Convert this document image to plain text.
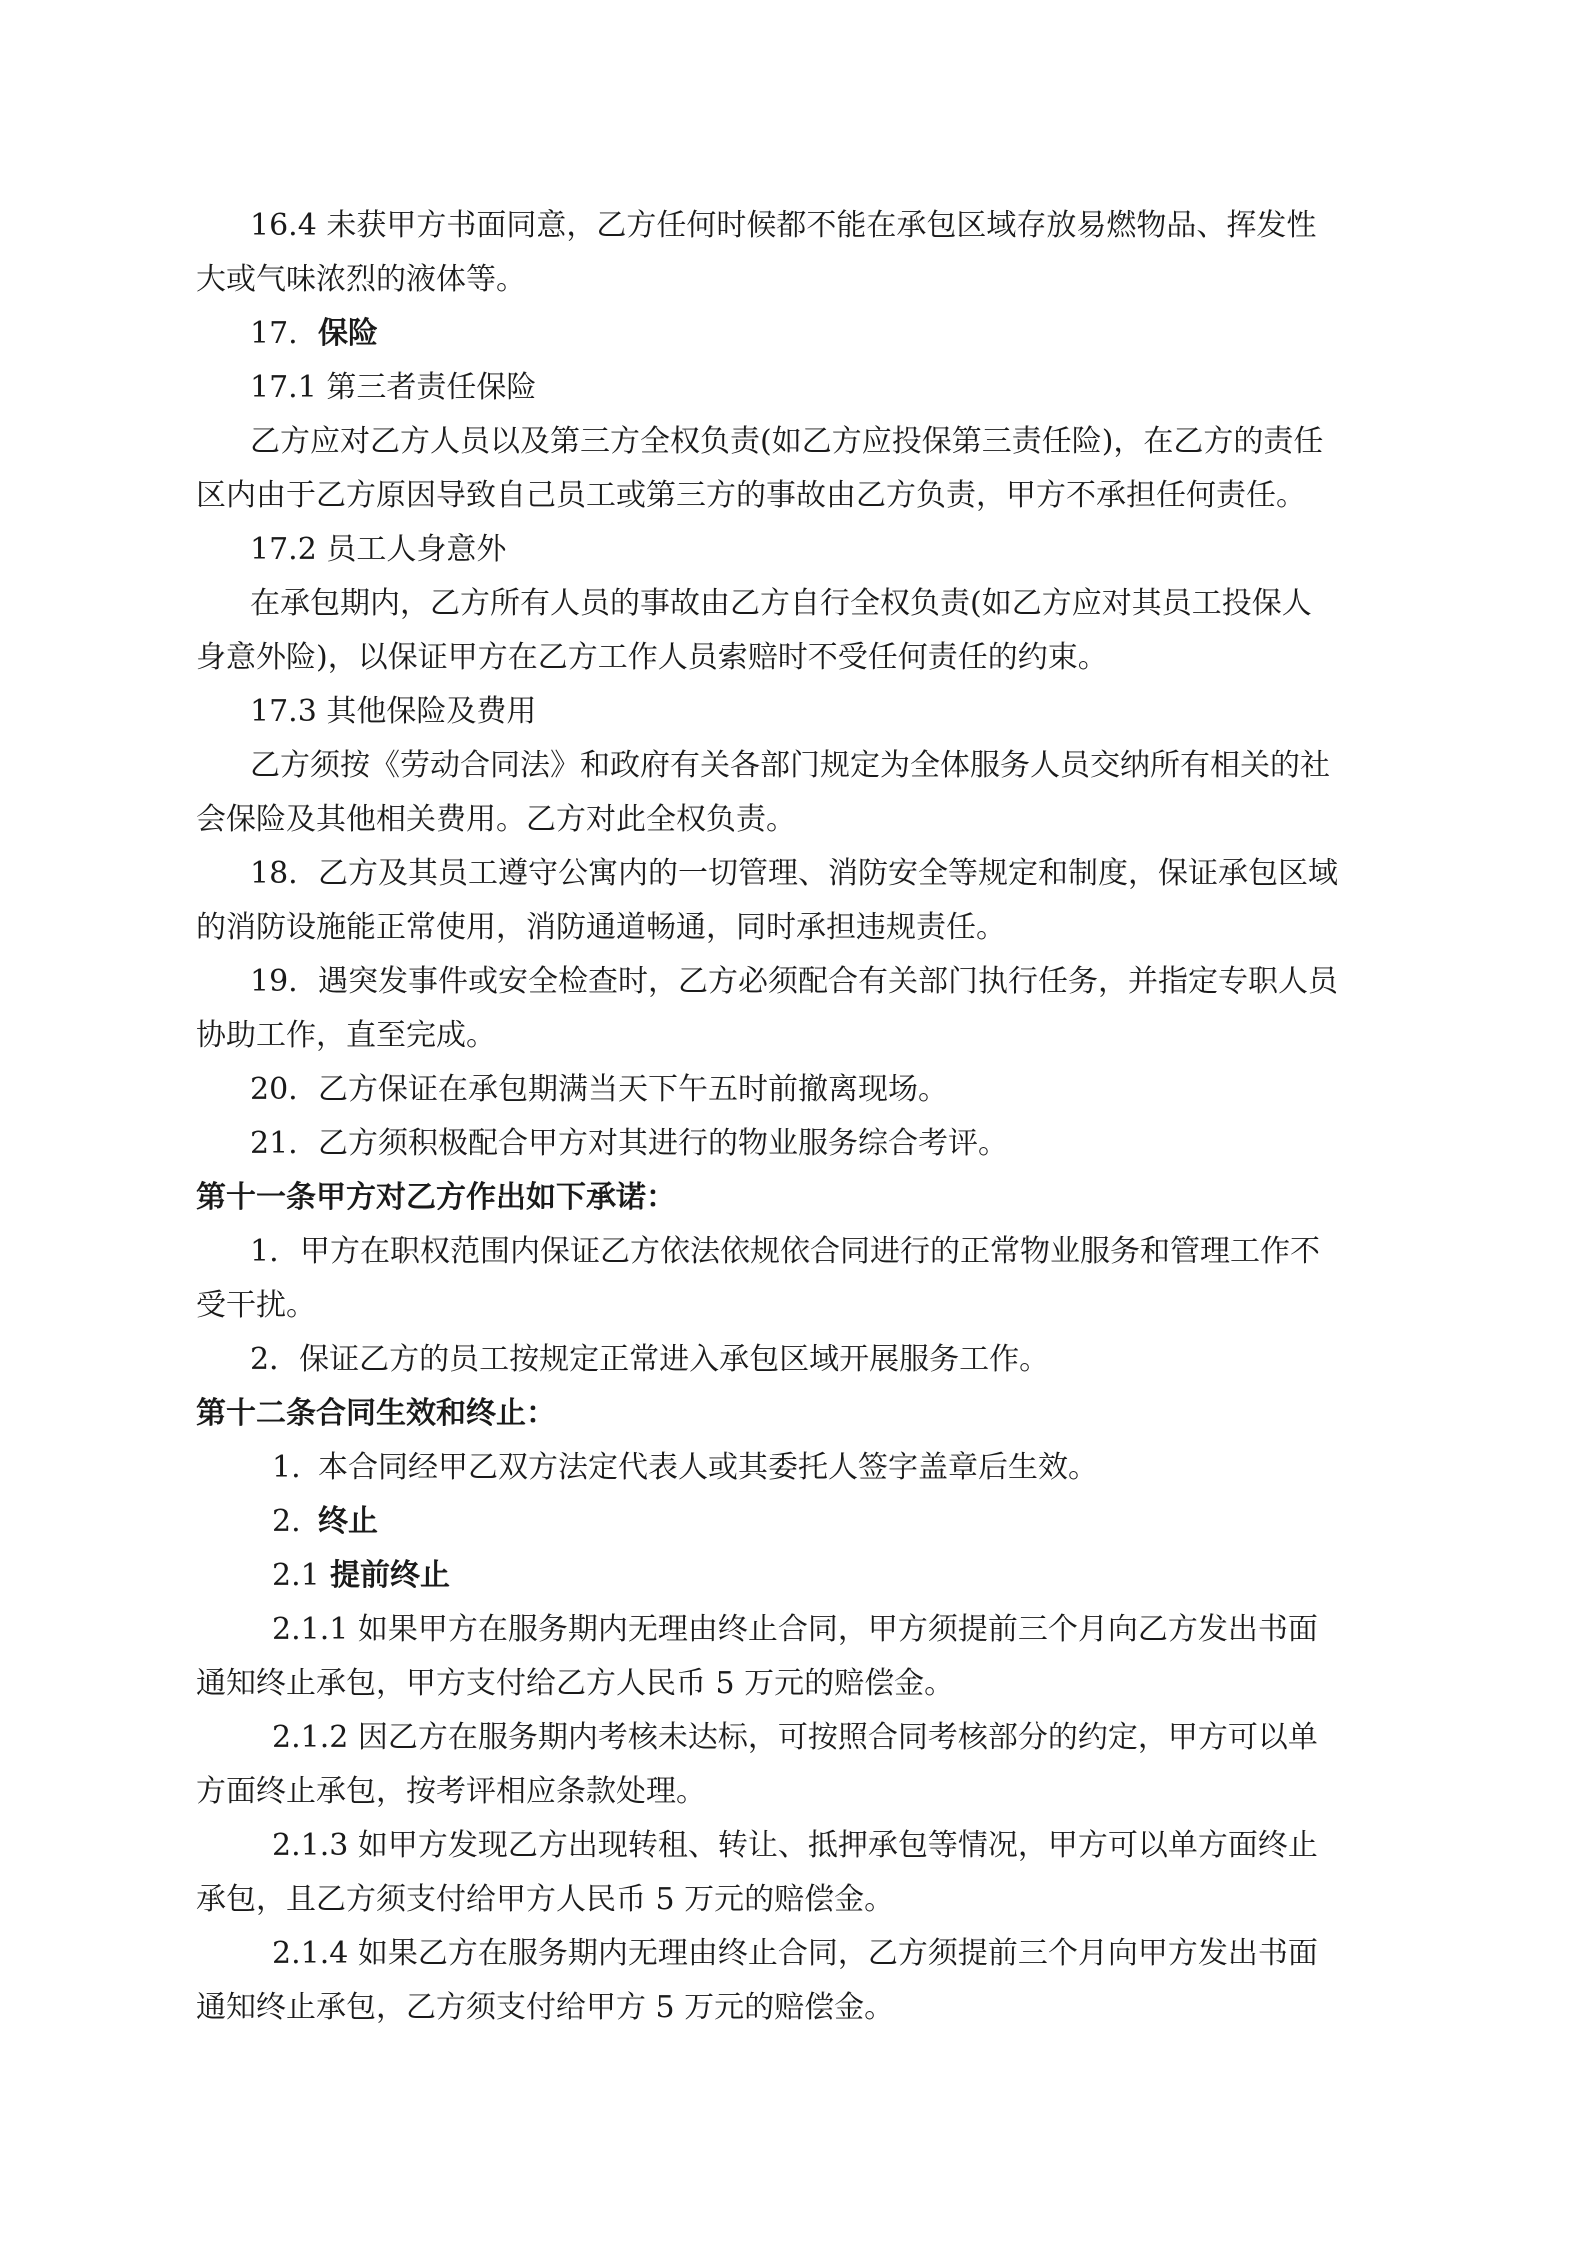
16.4 未获甲方书面同意，乙方任何时候都不能在承包区域存放易燃物品、挥发性
大或气味浓烈的液体等。
17. 保险
17.1 第三者责任保险
乙方应对乙方人员以及第三方全权负责(如乙方应投保第三责任险)，在乙方的责任
区内由于乙方原因导致自己员工或第三方的事故由乙方负责，甲方不承担任何责任。
17.2 员工人身意外
在承包期内，乙方所有人员的事故由乙方自行全权负责(如乙方应对其员工投保人
身意外险)，以保证甲方在乙方工作人员索赔时不受任何责任的约束。
17.3 其他保险及费用
乙方须按《劳动合同法》和政府有关各部门规定为全体服务人员交纳所有相关的社
会保险及其他相关费用。乙方对此全权负责。
18. 乙方及其员工遵守公寓内的一切管理、消防安全等规定和制度，保证承包区域
的消防设施能正常使用，消防通道畅通，同时承担违规责任。
19. 遇突发事件或安全检查时，乙方必须配合有关部门执行任务，并指定专职人员
协助工作，直至完成。
20. 乙方保证在承包期满当天下午五时前撤离现场。
21. 乙方须积极配合甲方对其进行的物业服务综合考评。
第十一条甲方对乙方作出如下承诺：
1. 甲方在职权范围内保证乙方依法依规依合同进行的正常物业服务和管理工作不
受干扰。
2．保证乙方的员工按规定正常进入承包区域开展服务工作。
第十二条合同生效和终止：
1. 本合同经甲乙双方法定代表人或其委托人签字盖章后生效。
2. 终止
2.1 提前终止
2.1.1 如果甲方在服务期内无理由终止合同，甲方须提前三个月向乙方发出书面
通知终止承包，甲方支付给乙方人民币 5 万元的赔偿金。
2.1.2 因乙方在服务期内考核未达标，可按照合同考核部分的约定，甲方可以单
方面终止承包，按考评相应条款处理。
2.1.3 如甲方发现乙方出现转租、转让、抵押承包等情况，甲方可以单方面终止
承包，且乙方须支付给甲方人民币 5 万元的赔偿金。
2.1.4 如果乙方在服务期内无理由终止合同，乙方须提前三个月向甲方发出书面
通知终止承包，乙方须支付给甲方 5 万元的赔偿金。
